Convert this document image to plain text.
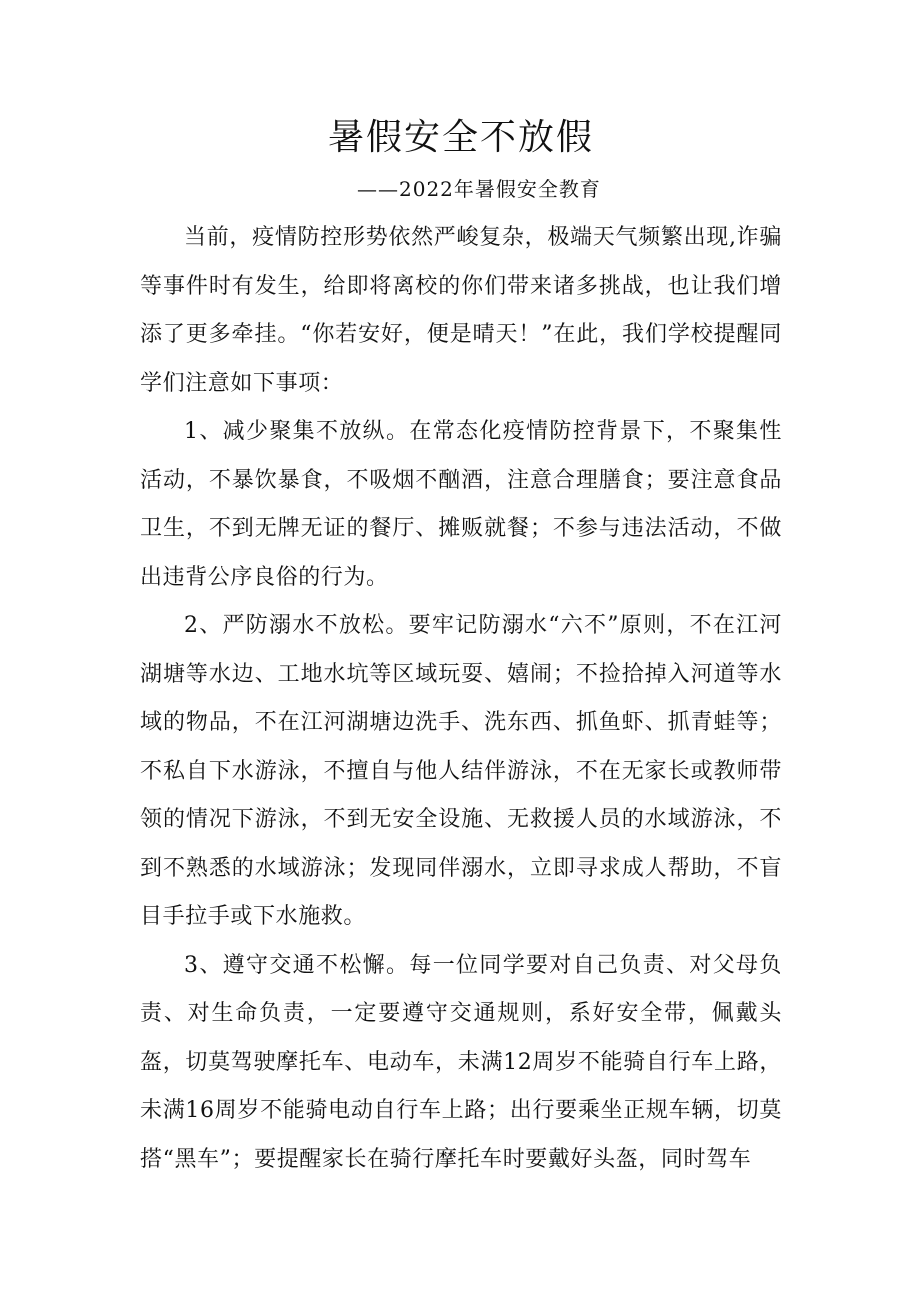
暑假安全不放假
——2022年暑假安全教育

当前，疫情防控形势依然严峻复杂，极端天气频繁出现,诈骗等事件时有发生，给即将离校的你们带来诸多挑战，也让我们增添了更多牵挂。“你若安好，便是晴天！”在此，我们学校提醒同学们注意如下事项：

1、减少聚集不放纵。在常态化疫情防控背景下，不聚集性活动，不暴饮暴食，不吸烟不酗酒，注意合理膳食；要注意食品卫生，不到无牌无证的餐厅、摊贩就餐；不参与违法活动，不做出违背公序良俗的行为。

2、严防溺水不放松。要牢记防溺水“六不”原则，不在江河湖塘等水边、工地水坑等区域玩耍、嬉闹；不捡拾掉入河道等水域的物品，不在江河湖塘边洗手、洗东西、抓鱼虾、抓青蛙等；不私自下水游泳，不擅自与他人结伴游泳，不在无家长或教师带领的情况下游泳，不到无安全设施、无救援人员的水域游泳，不到不熟悉的水域游泳；发现同伴溺水，立即寻求成人帮助，不盲目手拉手或下水施救。

3、遵守交通不松懈。每一位同学要对自己负责、对父母负责、对生命负责，一定要遵守交通规则，系好安全带，佩戴头盔，切莫驾驶摩托车、电动车，未满12周岁不能骑自行车上路，未满16周岁不能骑电动自行车上路；出行要乘坐正规车辆，切莫搭“黑车”；要提醒家长在骑行摩托车时要戴好头盔，同时驾车
